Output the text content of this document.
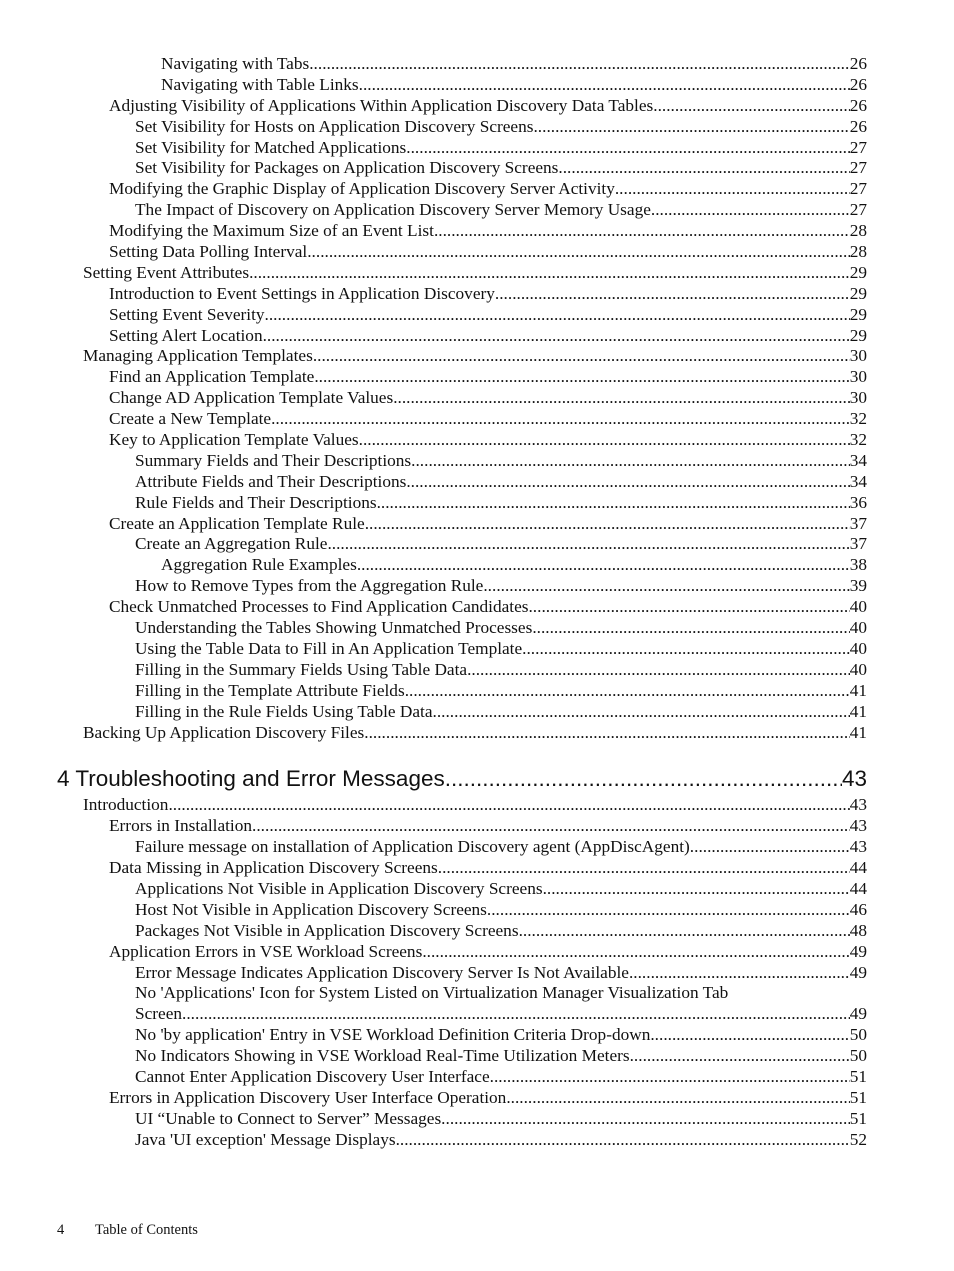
Navigating with Tabs .....	26
Navigating with Table Links .....	26
Adjusting Visibility of Applications Within Application Discovery Data Tables .....	26
Set Visibility for Hosts on Application Discovery Screens .....	26
Set Visibility for Matched Applications .....	27
Set Visibility for Packages on Application Discovery Screens .....	27
Modifying the Graphic Display of Application Discovery Server Activity .....	27
The Impact of Discovery on Application Discovery Server Memory Usage .....	27
Modifying the Maximum Size of an Event List .....	28
Setting Data Polling Interval .....	28
Setting Event Attributes .....	29
Introduction to Event Settings in Application Discovery .....	29
Setting Event Severity .....	29
Setting Alert Location .....	29
Managing Application Templates .....	30
Find an Application Template .....	30
Change AD Application Template Values .....	30
Create a New Template .....	32
Key to Application Template Values .....	32
Summary Fields and Their Descriptions .....	34
Attribute Fields and Their Descriptions .....	34
Rule Fields and Their Descriptions .....	36
Create an Application Template Rule .....	37
Create an Aggregation Rule .....	37
Aggregation Rule Examples .....	38
How to Remove Types from the Aggregation Rule .....	39
Check Unmatched Processes to Find Application Candidates .....	40
Understanding the Tables Showing Unmatched Processes .....	40
Using the Table Data to Fill in An Application Template .....	40
Filling in the Summary Fields Using Table Data .....	40
Filling in the Template Attribute Fields .....	41
Filling in the Rule Fields Using Table Data .....	41
Backing Up Application Discovery Files .....	41
4 Troubleshooting and Error Messages .....	43
Introduction .....	43
Errors in Installation .....	43
Failure message on installation of Application Discovery agent (AppDiscAgent) .....	43
Data Missing in Application Discovery Screens .....	44
Applications Not Visible in Application Discovery Screens .....	44
Host Not Visible in Application Discovery Screens .....	46
Packages Not Visible in Application Discovery Screens .....	48
Application Errors in VSE Workload Screens .....	49
Error Message Indicates Application Discovery Server Is Not Available .....	49
No 'Applications' Icon for System Listed on Virtualization Manager Visualization Tab
Screen .....	49
No 'by application' Entry in VSE Workload Definition Criteria Drop-down .....	50
No Indicators Showing in VSE Workload Real-Time Utilization Meters .....	50
Cannot Enter Application Discovery User Interface .....	51
Errors in Application Discovery User Interface Operation .....	51
UI “Unable to Connect to Server” Messages .....	51
Java 'UI exception' Message Displays .....	52
4 Table of Contents
